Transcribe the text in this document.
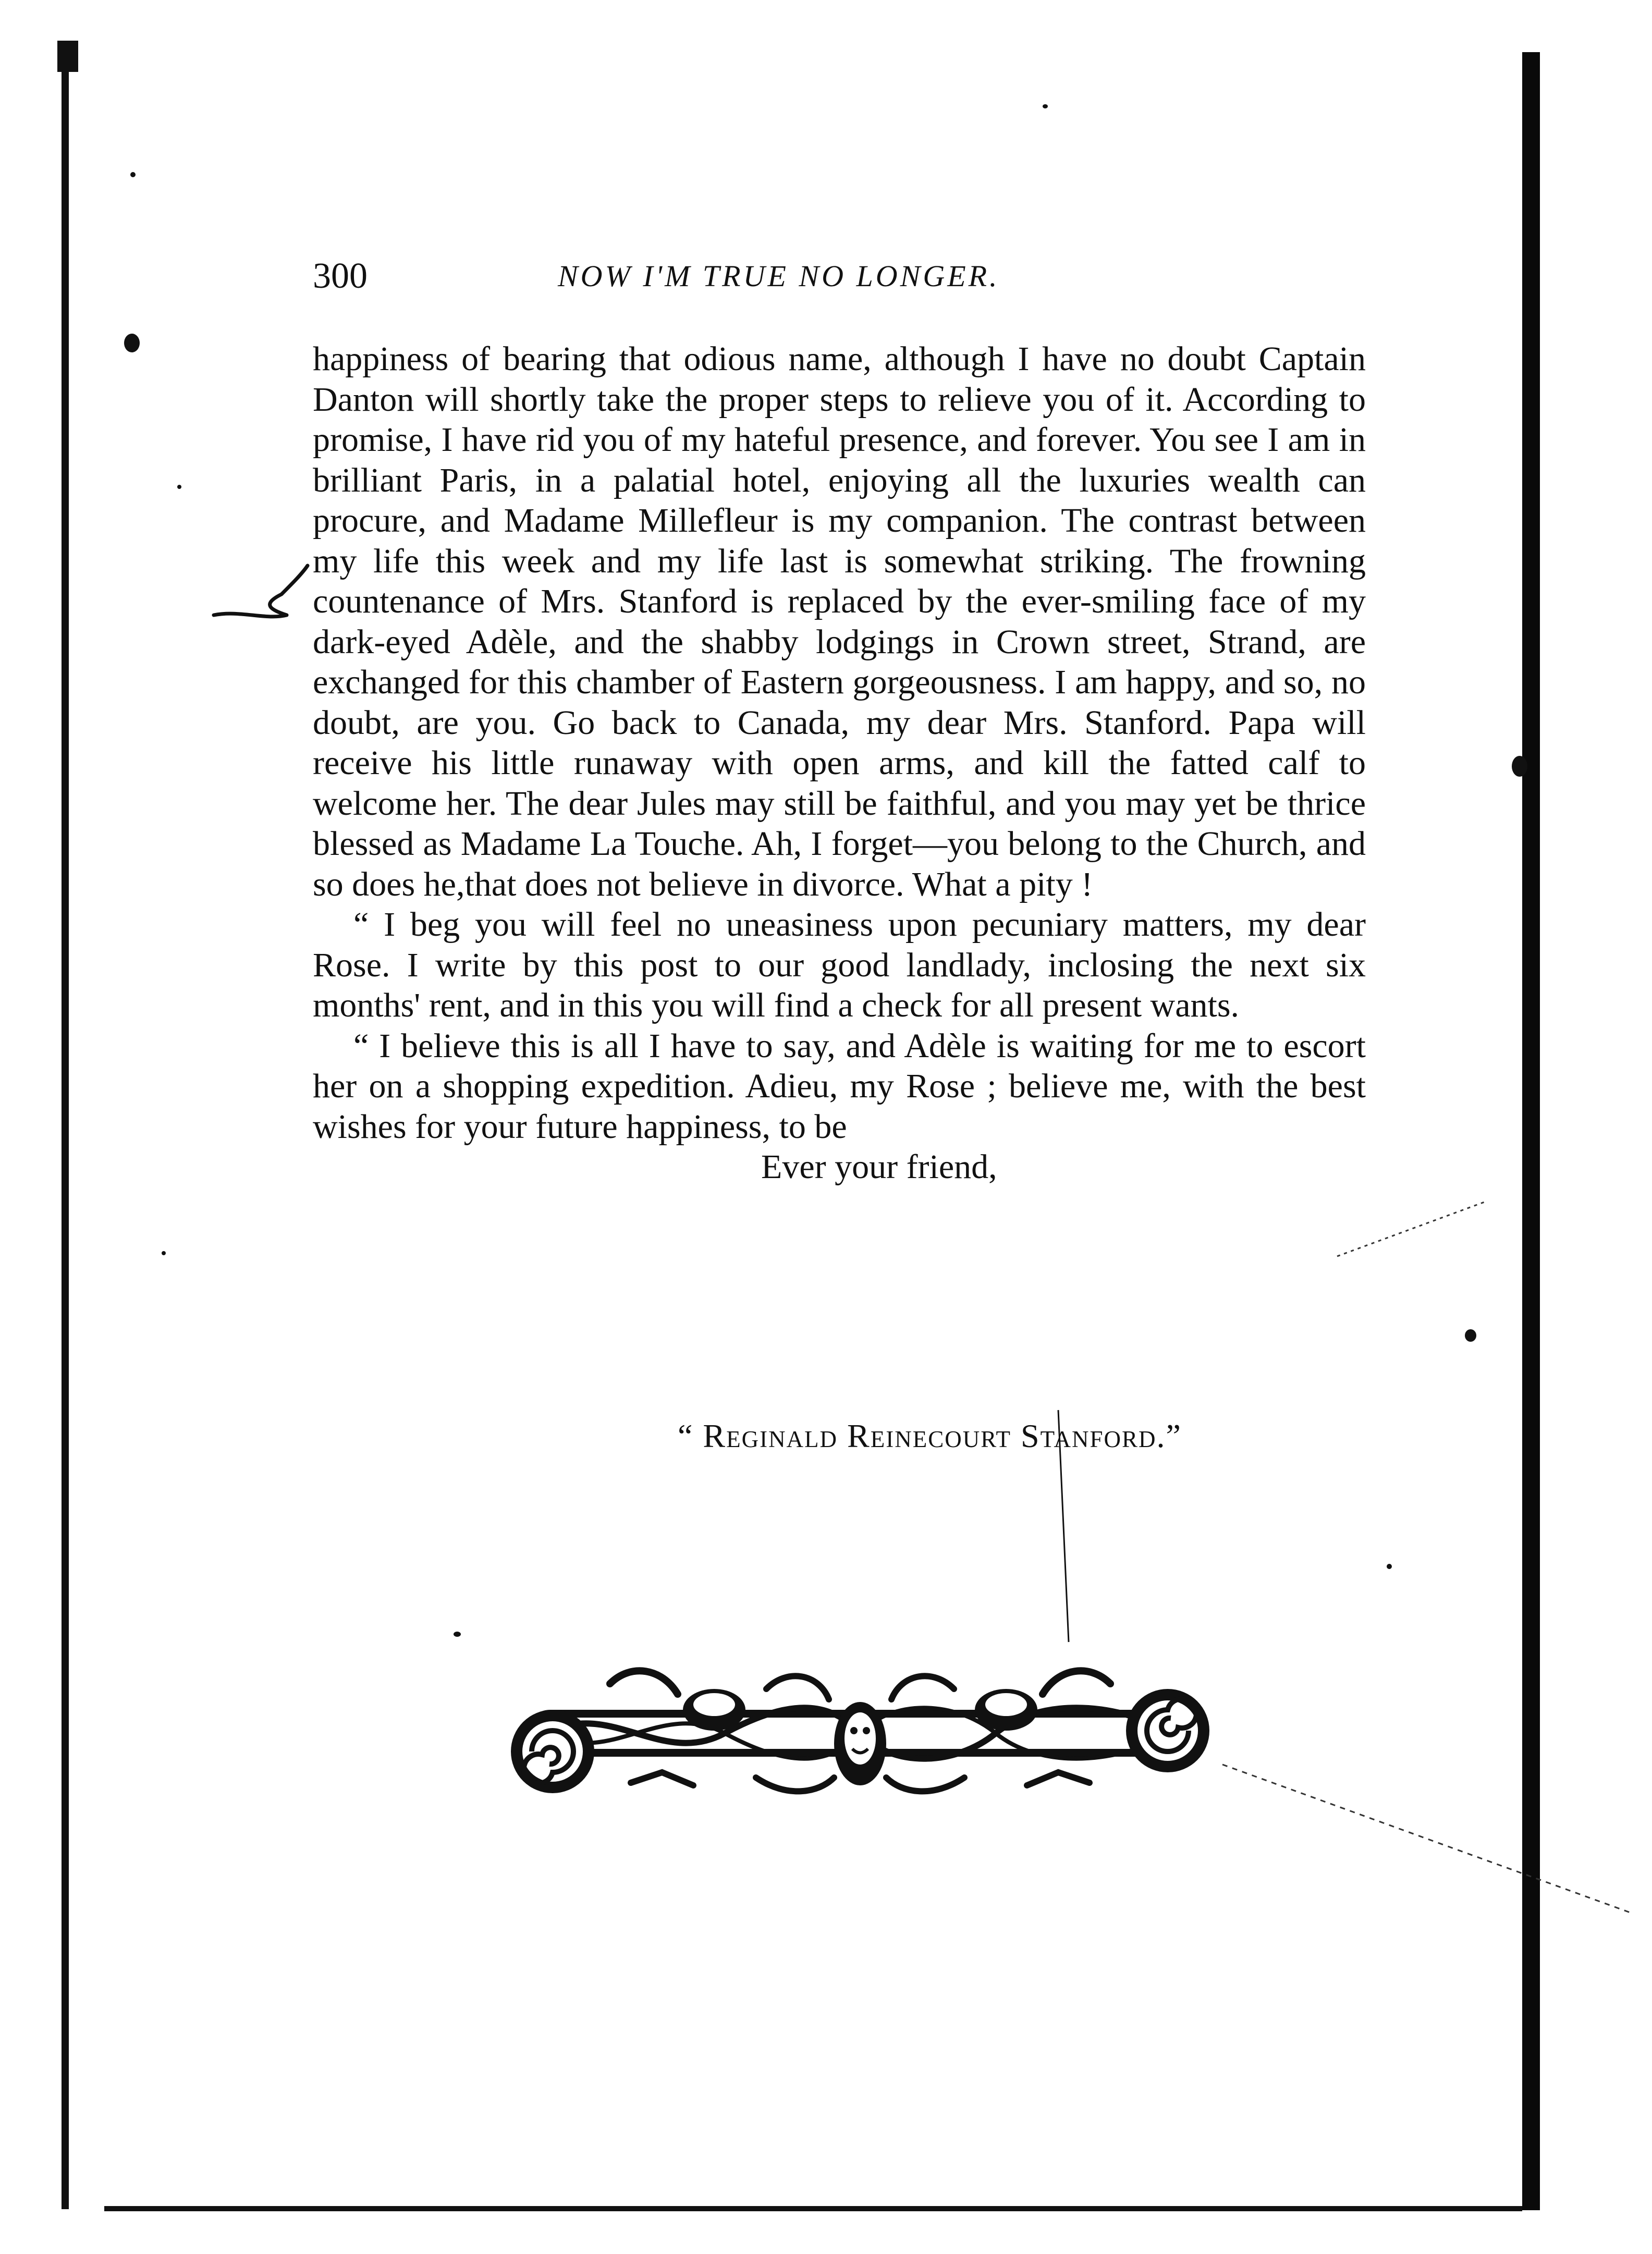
300	NOW I'M TRUE NO LONGER.

happiness of bearing that odious name, although I have no doubt Captain Danton will shortly take the proper steps to relieve you of it. According to promise, I have rid you of my hateful presence, and forever. You see I am in brilliant Paris, in a palatial hotel, enjoying all the luxuries wealth can procure, and Madame Millefleur is my companion. The contrast between my life this week and my life last is somewhat striking. The frowning countenance of Mrs. Stanford is replaced by the ever-smiling face of my dark-eyed Adèle, and the shabby lodgings in Crown street, Strand, are exchanged for this chamber of Eastern gorgeousness. I am happy, and so, no doubt, are you. Go back to Canada, my dear Mrs. Stanford. Papa will receive his little runaway with open arms, and kill the fatted calf to welcome her. The dear Jules may still be faithful, and you may yet be thrice blessed as Madame La Touche. Ah, I forget—you belong to the Church, and so does he,that does not believe in divorce. What a pity !

“ I beg you will feel no uneasiness upon pecuniary matters, my dear Rose. I write by this post to our good landlady, inclosing the next six months' rent, and in this you will find a check for all present wants.

“ I believe this is all I have to say, and Adèle is waiting for me to escort her on a shopping expedition. Adieu, my Rose ; believe me, with the best wishes for your future happiness, to be

Ever your friend,

“ Reginald Reinecourt Stanford.”
